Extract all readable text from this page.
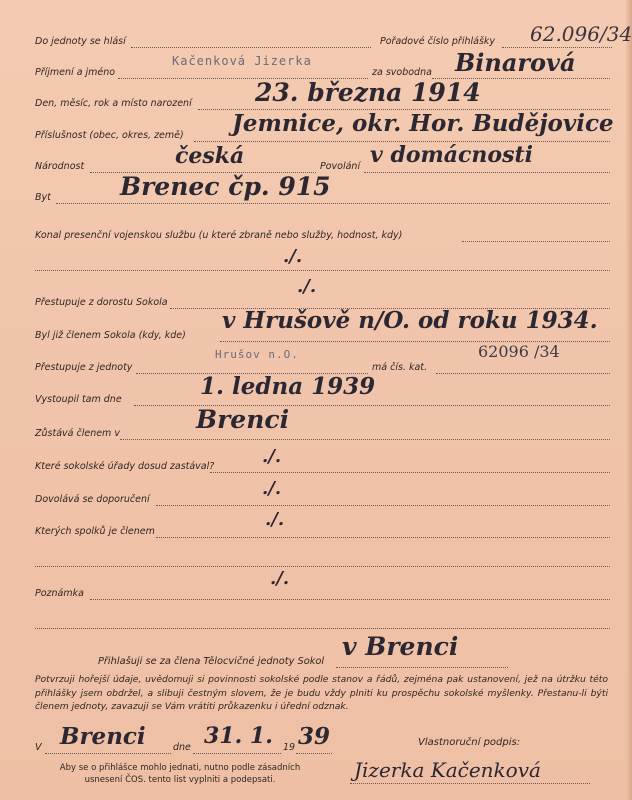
Do jednoty se hlásí	Pořadové číslo přihlášky 62.096/34
Příjmení a jméno
Kačenková Jizerka
za svobodna Binarová
Den, měsíc, rok a místo narození	23. března 1914
Příslušnost (obec, okres, země) Jemnice, okr. Hor. Budějovice
Národnost	česká	Povolání v domácnosti
Byt	Brenec čp. 915
Konal presenční vojenskou službu (u které zbraně nebo služby, hodnost, kdy)
./.
Přestupuje z dorostu Sokola
./.
Byl již členem Sokola (kdy, kde)
v Hrušově n/O. od roku 1934.
Přestupuje z jednoty
Hrušov n.O.
má čís. kat.
62096 /34
Vystoupil tam dne	1. ledna 1939
Zůstává členem v	Brenci
Které sokolské úřady dosud zastával?	./.
Dovolává se doporučení
./.
Kterých spolků je členem
./.
Poznámka
./.
Přihlašuji se za člena Tělocvičné jednoty Sokol
v Brenci
Potvrzuji hořejší údaje, uvědomuji si povinnosti sokolské podle stanov a řádů, zejména pak ustanovení, jež na útržku této přihlášky jsem obdržel, a slibuji čestným slovem, že je budu vždy plniti ku prospěchu sokolské myšlenky. Přestanu-li býti členem jednoty, zavazuji se Vám vrátiti průkazenku i úřední odznak.
V Brenci	dne 31. 1. 19 39	Vlastnoruční podpis:
Jizerka Kačenková
Aby se o přihlášce mohlo jednati, nutno podle zásadních
usnesení ČOS. tento list vyplniti a podepsati.
